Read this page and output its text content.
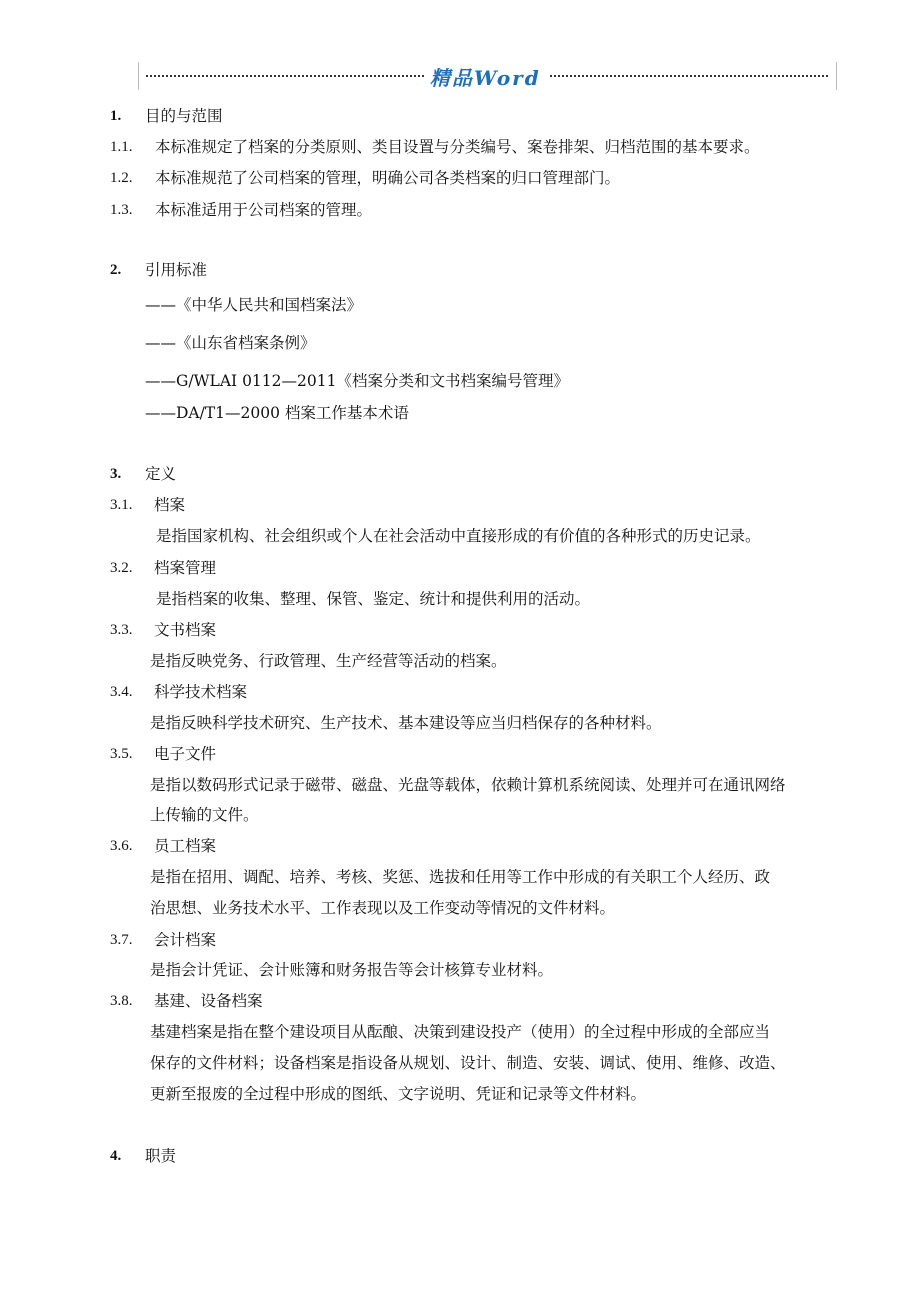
精品Word
1. 目的与范围
1.1. 本标准规定了档案的分类原则、类目设置与分类编号、案卷排架、归档范围的基本要求。
1.2. 本标准规范了公司档案的管理，明确公司各类档案的归口管理部门。
1.3. 本标准适用于公司档案的管理。
2. 引用标准
——《中华人民共和国档案法》
——《山东省档案条例》
——G/WLAI 0112—2011《档案分类和文书档案编号管理》
——DA/T1—2000 档案工作基本术语
3. 定义
3.1. 档案
是指国家机构、社会组织或个人在社会活动中直接形成的有价值的各种形式的历史记录。
3.2. 档案管理
是指档案的收集、整理、保管、鉴定、统计和提供利用的活动。
3.3. 文书档案
是指反映党务、行政管理、生产经营等活动的档案。
3.4. 科学技术档案
是指反映科学技术研究、生产技术、基本建设等应当归档保存的各种材料。
3.5. 电子文件
是指以数码形式记录于磁带、磁盘、光盘等载体，依赖计算机系统阅读、处理并可在通讯网络
上传输的文件。
3.6. 员工档案
是指在招用、调配、培养、考核、奖惩、选拔和任用等工作中形成的有关职工个人经历、政
治思想、业务技术水平、工作表现以及工作变动等情况的文件材料。
3.7. 会计档案
是指会计凭证、会计账簿和财务报告等会计核算专业材料。
3.8. 基建、设备档案
基建档案是指在整个建设项目从酝酿、决策到建设投产（使用）的全过程中形成的全部应当
保存的文件材料；设备档案是指设备从规划、设计、制造、安装、调试、使用、维修、改造、
更新至报废的全过程中形成的图纸、文字说明、凭证和记录等文件材料。
4. 职责
